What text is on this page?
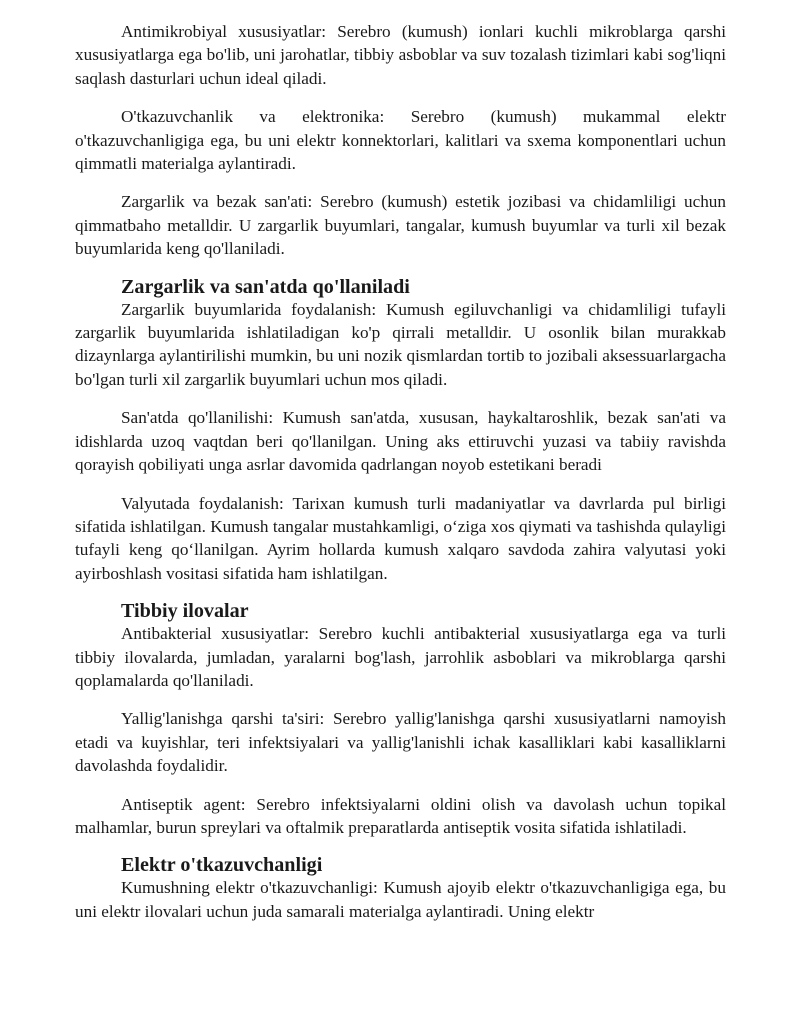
Antimikrobiyal xususiyatlar: Serebro (kumush) ionlari kuchli mikroblarga qarshi xususiyatlarga ega bo'lib, uni jarohatlar, tibbiy asboblar va suv tozalash tizimlari kabi sog'liqni saqlash dasturlari uchun ideal qiladi.

O'tkazuvchanlik va elektronika: Serebro (kumush) mukammal elektr o'tkazuvchanligiga ega, bu uni elektr konnektorlari, kalitlari va sxema komponentlari uchun qimmatli materialga aylantiradi.

Zargarlik va bezak san'ati: Serebro (kumush) estetik jozibasi va chidamliligi uchun qimmatbaho metalldir. U zargarlik buyumlari, tangalar, kumush buyumlar va turli xil bezak buyumlarida keng qo'llaniladi.

Zargarlik va san'atda qo'llaniladi

Zargarlik buyumlarida foydalanish: Kumush egiluvchanligi va chidamliligi tufayli zargarlik buyumlarida ishlatiladigan ko'p qirrali metalldir. U osonlik bilan murakkab dizaynlarga aylantirilishi mumkin, bu uni nozik qismlardan tortib to jozibali aksessuarlargacha bo'lgan turli xil zargarlik buyumlari uchun mos qiladi.

San'atda qo'llanilishi: Kumush san'atda, xususan, haykaltaroshlik, bezak san'ati va idishlarda uzoq vaqtdan beri qo'llanilgan. Uning aks ettiruvchi yuzasi va tabiiy ravishda qorayish qobiliyati unga asrlar davomida qadrlangan noyob estetikani beradi

Valyutada foydalanish: Tarixan kumush turli madaniyatlar va davrlarda pul birligi sifatida ishlatilgan. Kumush tangalar mustahkamligi, o‘ziga xos qiymati va tashishda qulayligi tufayli keng qo‘llanilgan. Ayrim hollarda kumush xalqaro savdoda zahira valyutasi yoki ayirboshlash vositasi sifatida ham ishlatilgan.

Tibbiy ilovalar

Antibakterial xususiyatlar: Serebro kuchli antibakterial xususiyatlarga ega va turli tibbiy ilovalarda, jumladan, yaralarni bog'lash, jarrohlik asboblari va mikroblarga qarshi qoplamalarda qo'llaniladi.

Yallig'lanishga qarshi ta'siri: Serebro yallig'lanishga qarshi xususiyatlarni namoyish etadi va kuyishlar, teri infektsiyalari va yallig'lanishli ichak kasalliklari kabi kasalliklarni davolashda foydalidir.

Antiseptik agent: Serebro infektsiyalarni oldini olish va davolash uchun topikal malhamlar, burun spreylari va oftalmik preparatlarda antiseptik vosita sifatida ishlatiladi.

Elektr o'tkazuvchanligi

Kumushning elektr o'tkazuvchanligi: Kumush ajoyib elektr o'tkazuvchanligiga ega, bu uni elektr ilovalari uchun juda samarali materialga aylantiradi. Uning elektr
